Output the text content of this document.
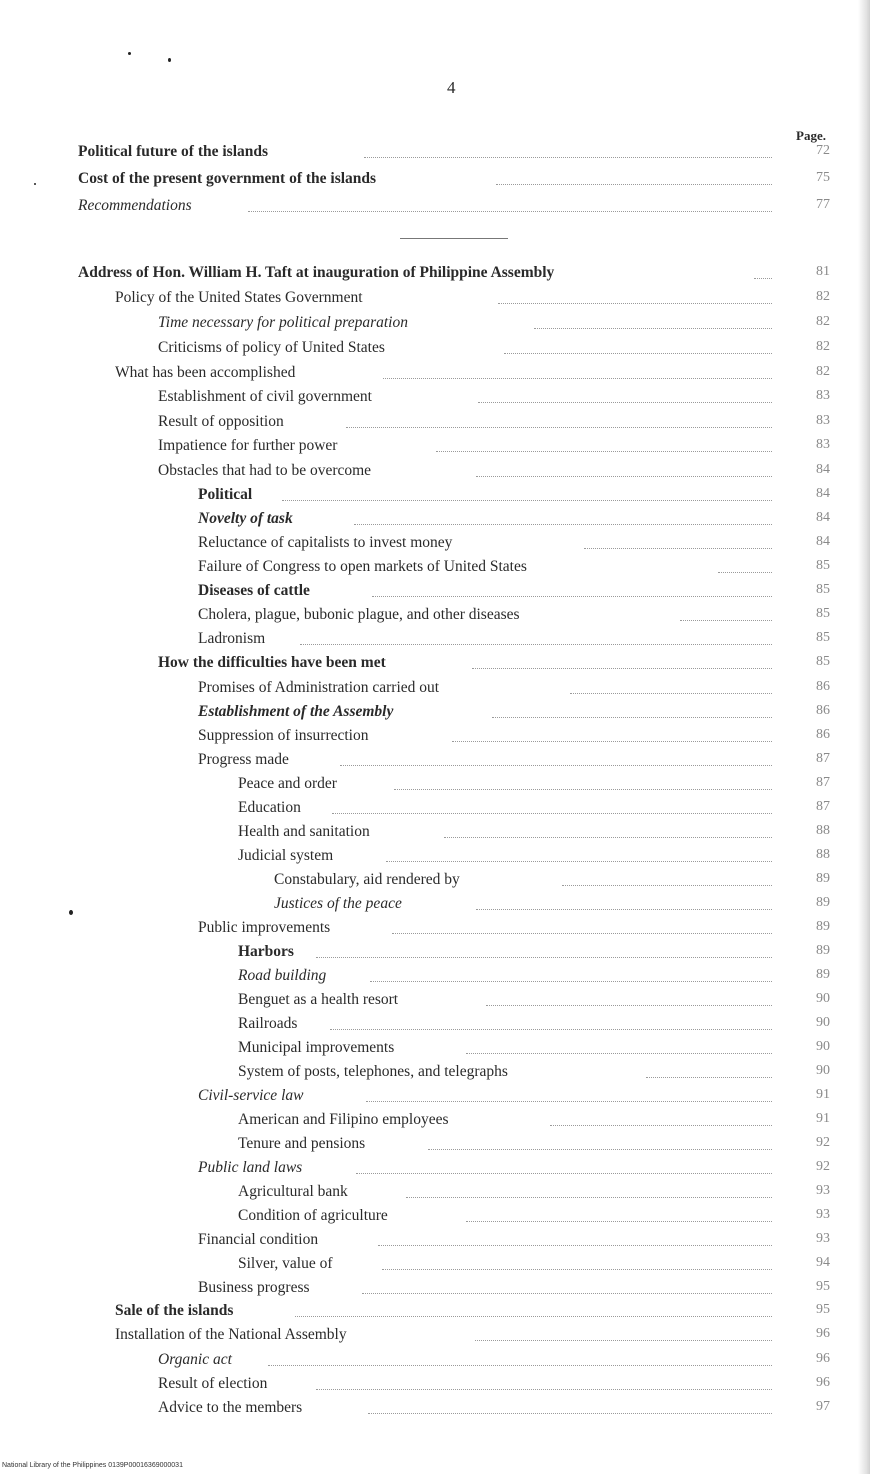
4
Page.
Political future of the islands	72
Cost of the present government of the islands	75
Recommendations	77
Address of Hon. William H. Taft at inauguration of Philippine Assembly	81
Policy of the United States Government	82
Time necessary for political preparation	82
Criticisms of policy of United States	82
What has been accomplished	82
Establishment of civil government	83
Result of opposition	83
Impatience for further power	83
Obstacles that had to be overcome	84
Political	84
Novelty of task	84
Reluctance of capitalists to invest money	84
Failure of Congress to open markets of United States	85
Diseases of cattle	85
Cholera, plague, bubonic plague, and other diseases	85
Ladronism	85
How the difficulties have been met	85
Promises of Administration carried out	86
Establishment of the Assembly	86
Suppression of insurrection	86
Progress made	87
Peace and order	87
Education	87
Health and sanitation	88
Judicial system	88
Constabulary, aid rendered by	89
Justices of the peace	89
Public improvements	89
Harbors	89
Road building	89
Benguet as a health resort	90
Railroads	90
Municipal improvements	90
System of posts, telephones, and telegraphs	90
Civil-service law	91
American and Filipino employees	91
Tenure and pensions	92
Public land laws	92
Agricultural bank	93
Condition of agriculture	93
Financial condition	93
Silver, value of	94
Business progress	95
Sale of the islands	95
Installation of the National Assembly	96
Organic act	96
Result of election	96
Advice to the members	97
National Library of the Philippines 0139P00016369000031
